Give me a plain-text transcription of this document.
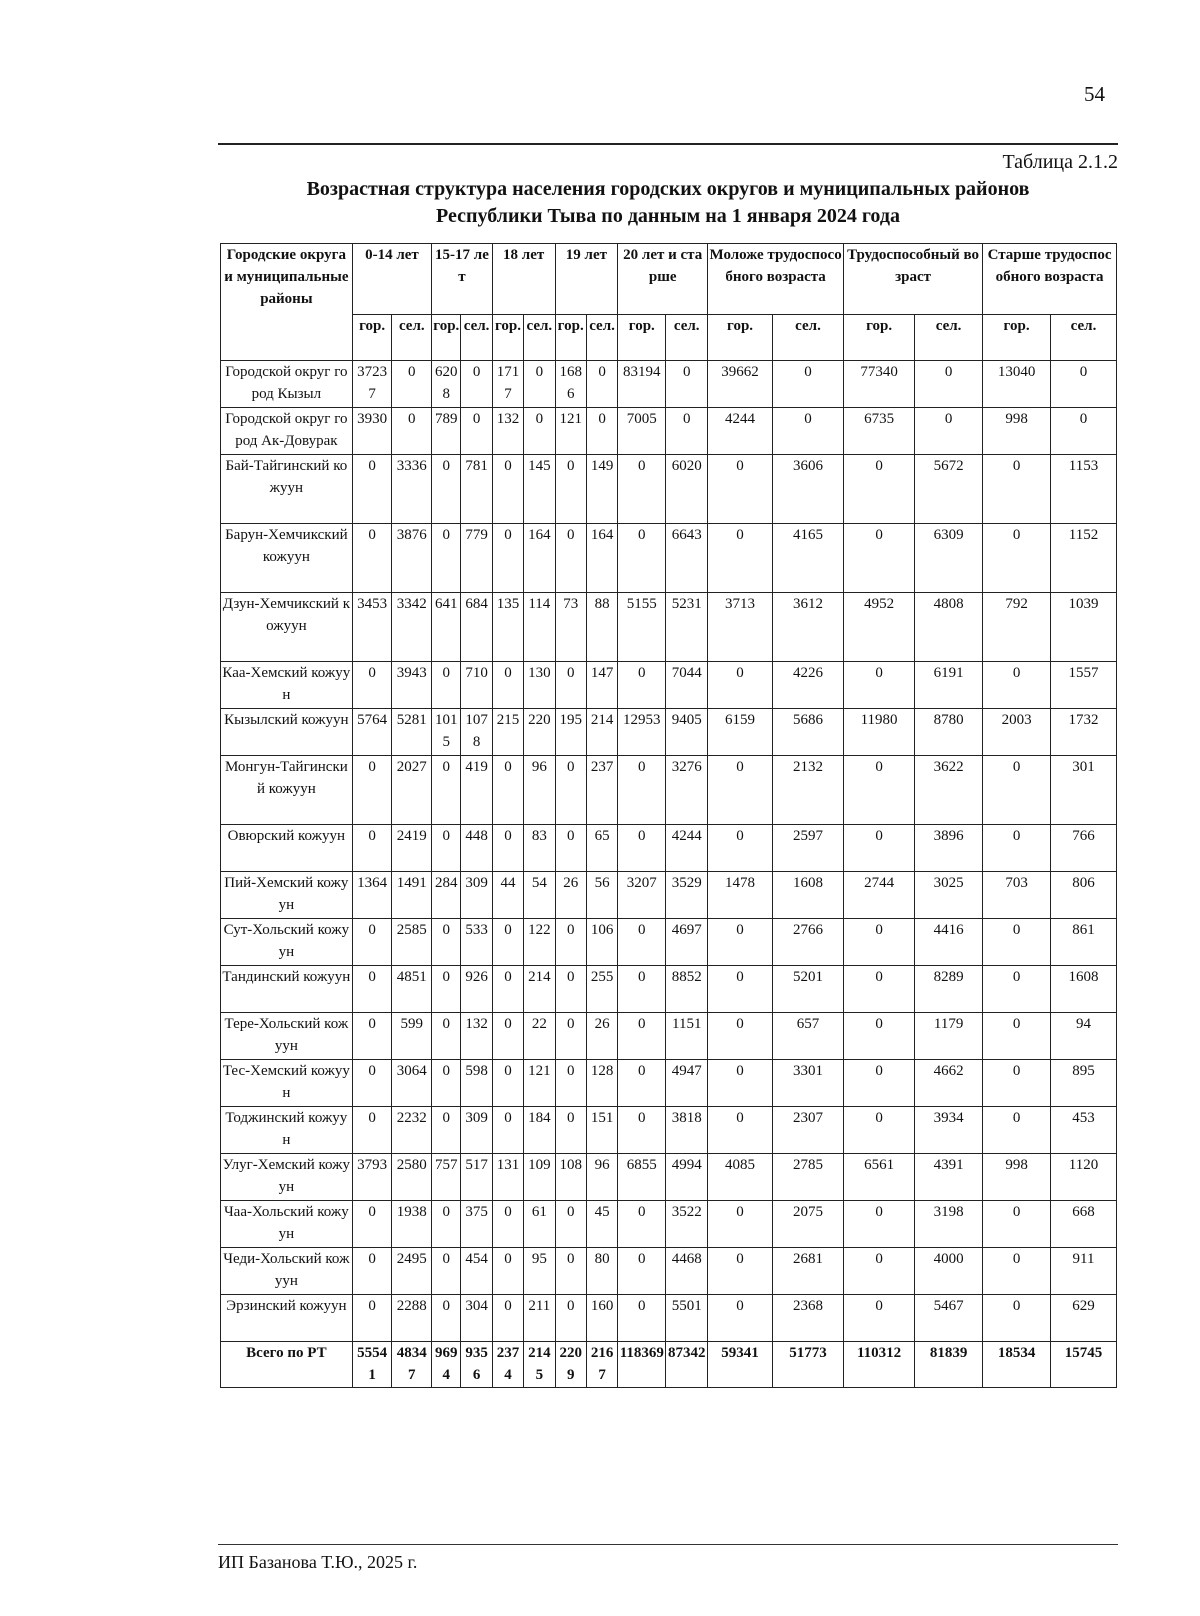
54
Таблица 2.1.2
Возрастная структура населения городских округов и муниципальных районов
Республики Тыва по данным на 1 января 2024 года
Городские округа и муниципальные районы	0-14 лет		15-17 лет		18 лет		19 лет		20 лет и старше		Моложе трудоспособного возраста		Трудоспособный возраст		Старше трудоспособного возраста	
	гор.	сел.	гор.	сел.	гор.	сел.	гор.	сел.	гор.	сел.	гор.	сел.	гор.	сел.	гор.	сел.
Городской округ город Кызыл	37237	0	6208	0	1717	0	1686	0	83194	0	39662	0	77340	0	13040	0
Городской округ город Ак-Довурак	3930	0	789	0	132	0	121	0	7005	0	4244	0	6735	0	998	0
Бай-Тайгинский кожуун	0	3336	0	781	0	145	0	149	0	6020	0	3606	0	5672	0	1153
Барун-Хемчикский кожуун	0	3876	0	779	0	164	0	164	0	6643	0	4165	0	6309	0	1152
Дзун-Хемчикский кожуун	3453	3342	641	684	135	114	73	88	5155	5231	3713	3612	4952	4808	792	1039
Каа-Хемский кожуун	0	3943	0	710	0	130	0	147	0	7044	0	4226	0	6191	0	1557
Кызылский кожуун	5764	5281	1015	1078	215	220	195	214	12953	9405	6159	5686	11980	8780	2003	1732
Монгун-Тайгинский кожуун	0	2027	0	419	0	96	0	237	0	3276	0	2132	0	3622	0	301
Овюрский кожуун	0	2419	0	448	0	83	0	65	0	4244	0	2597	0	3896	0	766
Пий-Хемский кожуун	1364	1491	284	309	44	54	26	56	3207	3529	1478	1608	2744	3025	703	806
Сут-Хольский кожуун	0	2585	0	533	0	122	0	106	0	4697	0	2766	0	4416	0	861
Тандинский кожуун	0	4851	0	926	0	214	0	255	0	8852	0	5201	0	8289	0	1608
Тере-Хольский кожуун	0	599	0	132	0	22	0	26	0	1151	0	657	0	1179	0	94
Тес-Хемский кожуун	0	3064	0	598	0	121	0	128	0	4947	0	3301	0	4662	0	895
Тоджинский кожуун	0	2232	0	309	0	184	0	151	0	3818	0	2307	0	3934	0	453
Улуг-Хемский кожуун	3793	2580	757	517	131	109	108	96	6855	4994	4085	2785	6561	4391	998	1120
Чаа-Хольский кожуун	0	1938	0	375	0	61	0	45	0	3522	0	2075	0	3198	0	668
Чеди-Хольский кожуун	0	2495	0	454	0	95	0	80	0	4468	0	2681	0	4000	0	911
Эрзинский кожуун	0	2288	0	304	0	211	0	160	0	5501	0	2368	0	5467	0	629
Всего по РТ	55541	48347	9694	9356	2374	2145	2209	2167	118369	87342	59341	51773	110312	81839	18534	15745
ИП Базанова Т.Ю., 2025 г.
